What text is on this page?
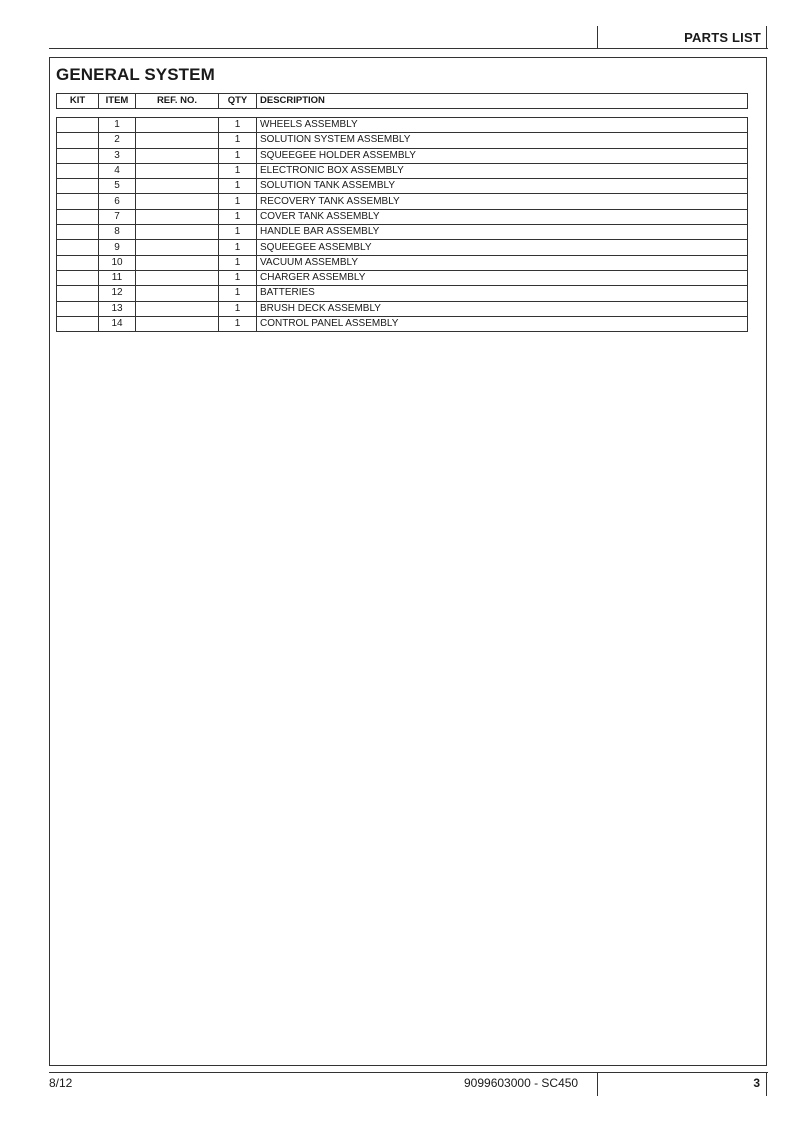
PARTS LIST
GENERAL SYSTEM
KIT	ITEM	REF. NO.	QTY	DESCRIPTION
	1		1	WHEELS ASSEMBLY
	2		1	SOLUTION SYSTEM ASSEMBLY
	3		1	SQUEEGEE HOLDER ASSEMBLY
	4		1	ELECTRONIC BOX ASSEMBLY
	5		1	SOLUTION TANK ASSEMBLY
	6		1	RECOVERY TANK ASSEMBLY
	7		1	COVER TANK ASSEMBLY
	8		1	HANDLE BAR ASSEMBLY
	9		1	SQUEEGEE ASSEMBLY
	10		1	VACUUM ASSEMBLY
	11		1	CHARGER ASSEMBLY
	12		1	BATTERIES
	13		1	BRUSH DECK ASSEMBLY
	14		1	CONTROL PANEL ASSEMBLY
8/12	9099603000 - SC450	3
